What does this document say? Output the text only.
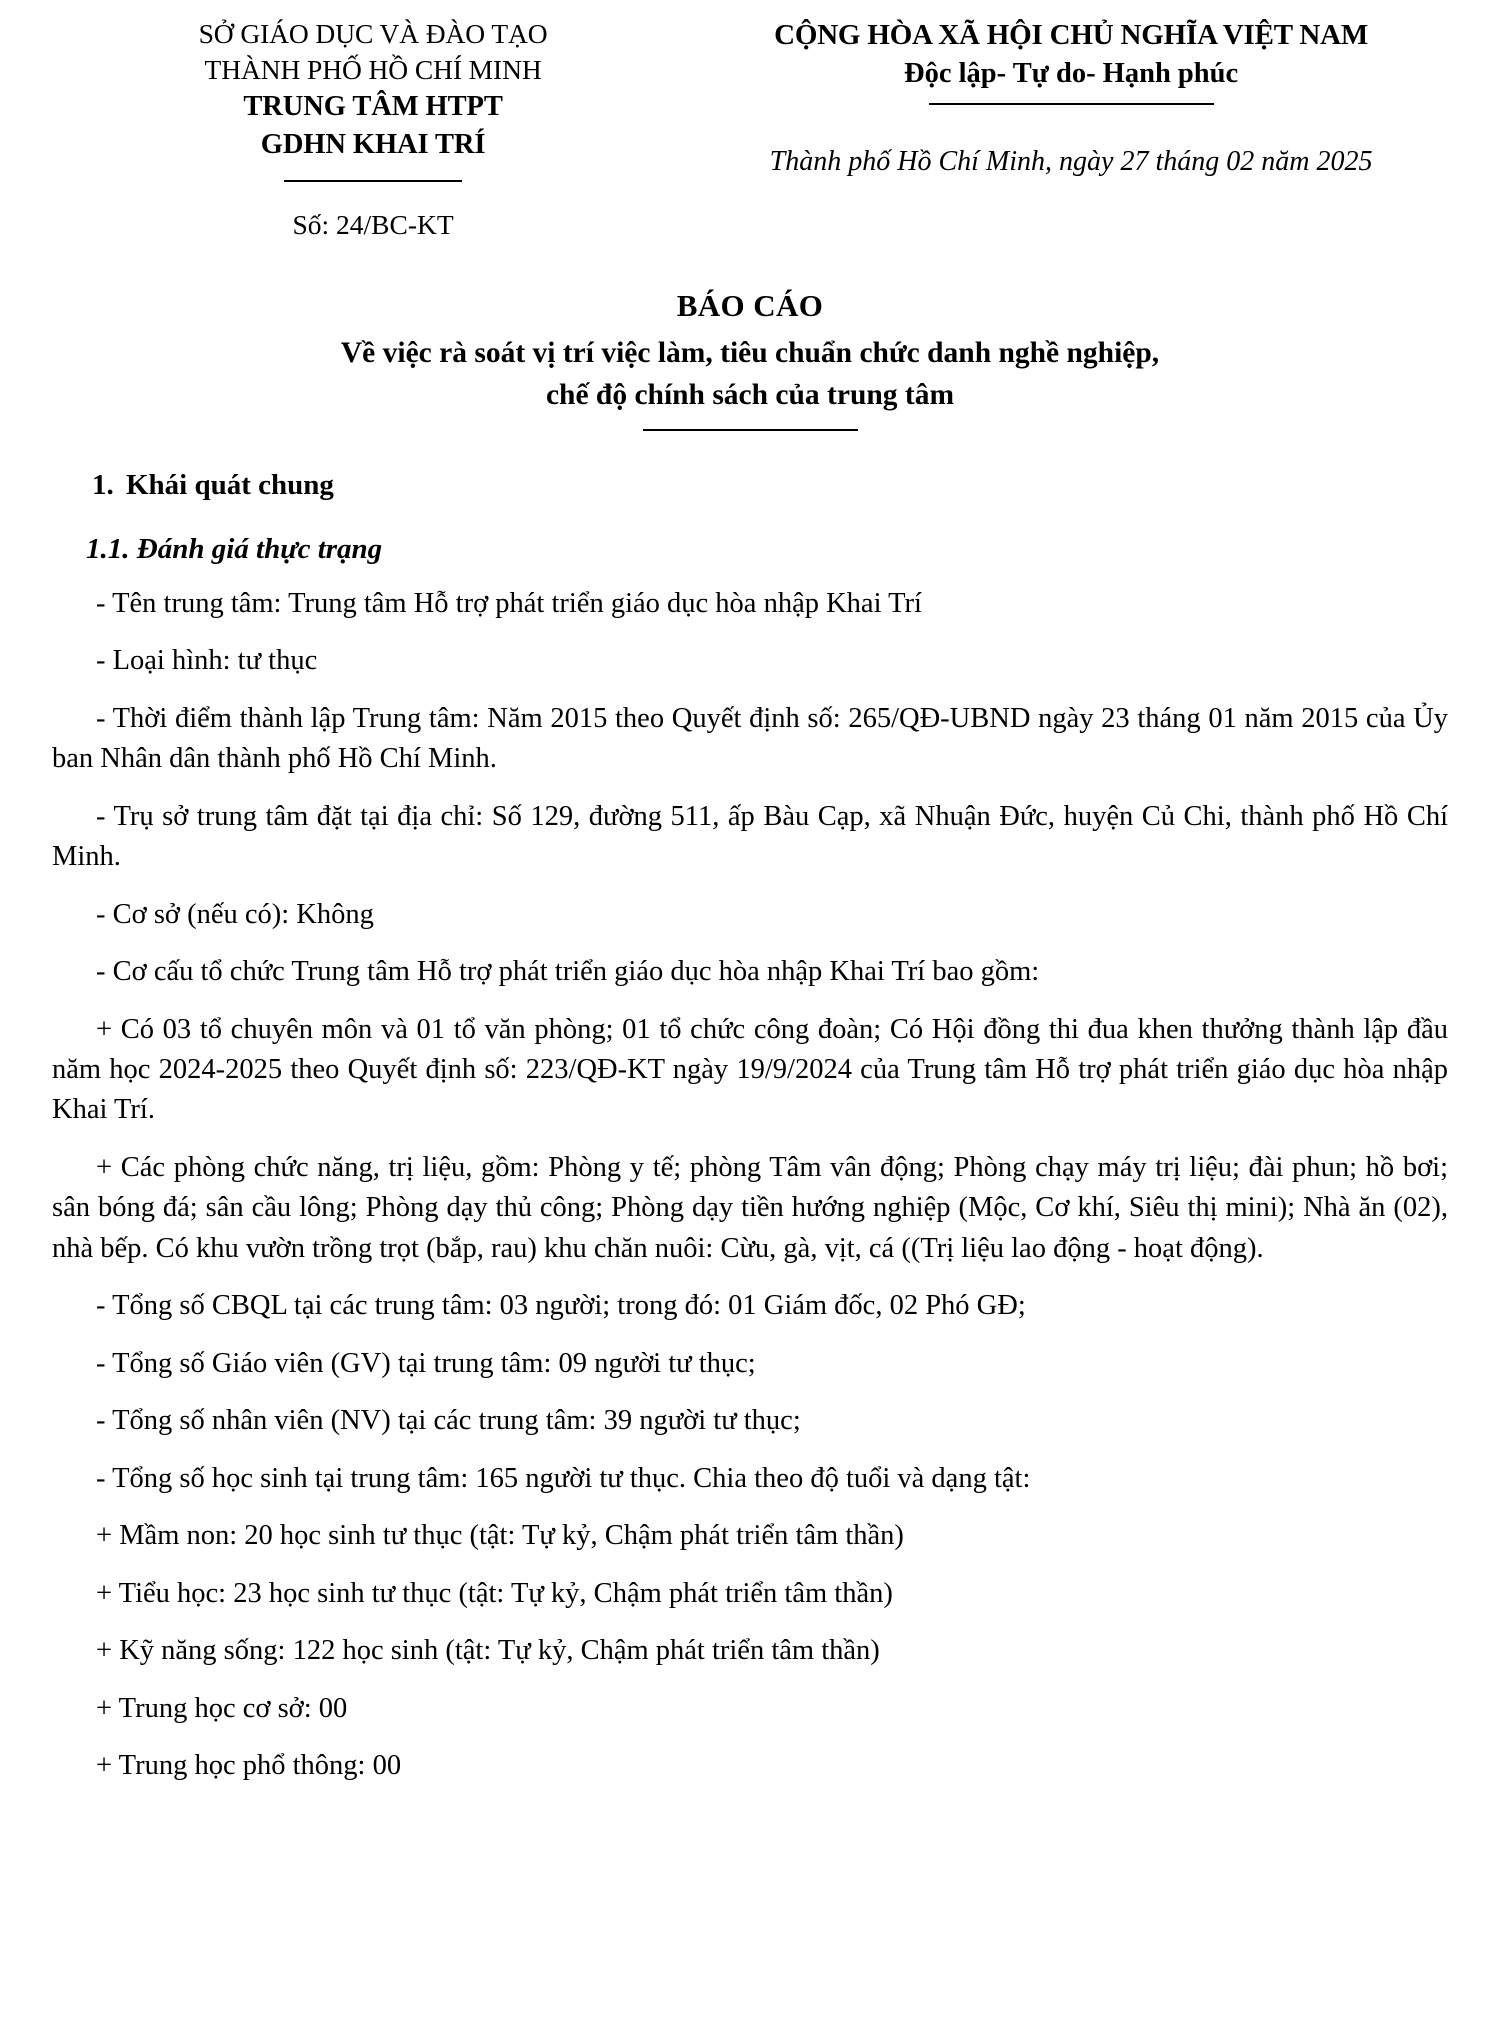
SỞ GIÁO DỤC VÀ ĐÀO TẠO
THÀNH PHỐ HỒ CHÍ MINH
TRUNG TÂM HTPT
GDHN KHAI TRÍ
Số: 24/BC-KT
CỘNG HÒA XÃ HỘI CHỦ NGHĨA VIỆT NAM
Độc lập- Tự do- Hạnh phúc
Thành phố Hồ Chí Minh, ngày 27 tháng 02 năm 2025
BÁO CÁO
Về việc rà soát vị trí việc làm, tiêu chuẩn chức danh nghề nghiệp,
chế độ chính sách của trung tâm
1. Khái quát chung
1.1. Đánh giá thực trạng

- Tên trung tâm: Trung tâm Hỗ trợ phát triển giáo dục hòa nhập Khai Trí

- Loại hình: tư thục

- Thời điểm thành lập Trung tâm: Năm 2015 theo Quyết định số: 265/QĐ-UBND ngày 23 tháng 01 năm 2015 của Ủy ban Nhân dân thành phố Hồ Chí Minh.

- Trụ sở trung tâm đặt tại địa chỉ: Số 129, đường 511, ấp Bàu Cạp, xã Nhuận Đức, huyện Củ Chi, thành phố Hồ Chí Minh.

- Cơ sở (nếu có): Không

- Cơ cấu tổ chức Trung tâm Hỗ trợ phát triển giáo dục hòa nhập Khai Trí bao gồm:

+ Có 03 tổ chuyên môn và 01 tổ văn phòng; 01 tổ chức công đoàn; Có Hội đồng thi đua khen thưởng thành lập đầu năm học 2024-2025 theo Quyết định số: 223/QĐ-KT ngày 19/9/2024 của Trung tâm Hỗ trợ phát triển giáo dục hòa nhập Khai Trí.

+ Các phòng chức năng, trị liệu, gồm: Phòng y tế; phòng Tâm vân động; Phòng chạy máy trị liệu; đài phun; hồ bơi; sân bóng đá; sân cầu lông; Phòng dạy thủ công; Phòng dạy tiền hướng nghiệp (Mộc, Cơ khí, Siêu thị mini); Nhà ăn (02), nhà bếp. Có khu vườn trồng trọt (bắp, rau) khu chăn nuôi: Cừu, gà, vịt, cá ((Trị liệu lao động - hoạt động).

- Tổng số CBQL tại các trung tâm: 03 người; trong đó: 01 Giám đốc, 02 Phó GĐ;

- Tổng số Giáo viên (GV) tại trung tâm: 09 người tư thục;

- Tổng số nhân viên (NV) tại các trung tâm: 39 người tư thục;

- Tổng số học sinh tại trung tâm: 165 người tư thục. Chia theo độ tuổi và dạng tật:

+ Mầm non: 20 học sinh tư thục (tật: Tự kỷ, Chậm phát triển tâm thần)

+ Tiểu học: 23 học sinh tư thục (tật: Tự kỷ, Chậm phát triển tâm thần)

+ Kỹ năng sống: 122 học sinh (tật: Tự kỷ, Chậm phát triển tâm thần)

+ Trung học cơ sở: 00

+ Trung học phổ thông: 00
